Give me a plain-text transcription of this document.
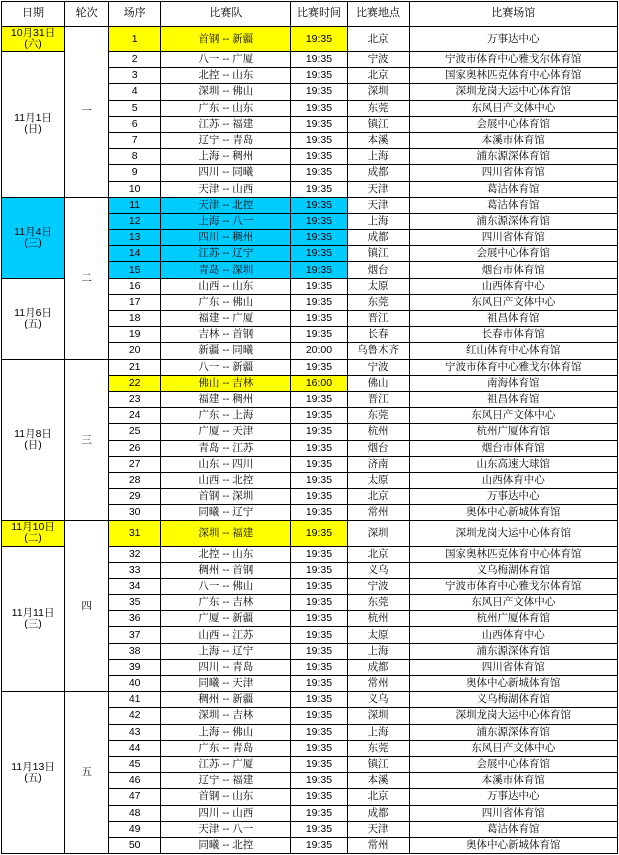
日期	轮次	场序	比赛队	比赛时间	比赛地点	比赛场馆
10月31日
(六)	一	1	首钢 -- 新疆	19:35	北京	万事达中心
11月1日
(日)		2	八一 -- 广厦	19:35	宁波	宁波市体育中心雅戈尔体育馆
		3	北控 -- 山东	19:35	北京	国家奥林匹克体育中心体育馆
		4	深圳 -- 佛山	19:35	深圳	深圳龙岗大运中心体育馆
		5	广东 -- 山东	19:35	东莞	东风日产文体中心
		6	江苏 -- 福建	19:35	镇江	会展中心体育馆
		7	辽宁 -- 青岛	19:35	本溪	本溪市体育馆
		8	上海 -- 稠州	19:35	上海	浦东源深体育馆
		9	四川 -- 同曦	19:35	成都	四川省体育馆
		10	天津 -- 山西	19:35	天津	葛沽体育馆
11月4日
(三)	二	11	天津 -- 北控	19:35	天津	葛沽体育馆
		12	上海 -- 八一	19:35	上海	浦东源深体育馆
		13	四川 -- 稠州	19:35	成都	四川省体育馆
		14	江苏 -- 辽宁	19:35	镇江	会展中心体育馆
		15	青岛 -- 深圳	19:35	烟台	烟台市体育馆
11月6日
(五)		16	山西 -- 山东	19:35	太原	山西体育中心
		17	广东 -- 佛山	19:35	东莞	东风日产文体中心
		18	福建 -- 广厦	19:35	晋江	祖昌体育馆
		19	吉林 -- 首钢	19:35	长春	长春市体育馆
		20	新疆 -- 同曦	20:00	乌鲁木齐	红山体育中心体育馆
11月8日
(日)	三	21	八一 -- 新疆	19:35	宁波	宁波市体育中心雅戈尔体育馆
		22	佛山 -- 吉林	16:00	佛山	南海体育馆
		23	福建 -- 稠州	19:35	晋江	祖昌体育馆
		24	广东 -- 上海	19:35	东莞	东风日产文体中心
		25	广厦 -- 天津	19:35	杭州	杭州广厦体育馆
		26	青岛 -- 江苏	19:35	烟台	烟台市体育馆
		27	山东 -- 四川	19:35	济南	山东高速大球馆
		28	山西 -- 北控	19:35	太原	山西体育中心
		29	首钢 -- 深圳	19:35	北京	万事达中心
		30	同曦 -- 辽宁	19:35	常州	奥体中心新城体育馆
11月10日
(二)	四	31	深圳 -- 福建	19:35	深圳	深圳龙岗大运中心体育馆
11月11日
(三)		32	北控 -- 山东	19:35	北京	国家奥林匹克体育中心体育馆
		33	稠州 -- 首钢	19:35	义乌	义乌梅湖体育馆
		34	八一 -- 佛山	19:35	宁波	宁波市体育中心雅戈尔体育馆
		35	广东 -- 吉林	19:35	东莞	东风日产文体中心
		36	广厦 -- 新疆	19:35	杭州	杭州广厦体育馆
		37	山西 -- 江苏	19:35	太原	山西体育中心
		38	上海 -- 辽宁	19:35	上海	浦东源深体育馆
		39	四川 -- 青岛	19:35	成都	四川省体育馆
		40	同曦 -- 天津	19:35	常州	奥体中心新城体育馆
11月13日
(五)	五	41	稠州 -- 新疆	19:35	义乌	义乌梅湖体育馆
		42	深圳 -- 吉林	19:35	深圳	深圳龙岗大运中心体育馆
		43	上海 -- 佛山	19:35	上海	浦东源深体育馆
		44	广东 -- 青岛	19:35	东莞	东风日产文体中心
		45	江苏 -- 广厦	19:35	镇江	会展中心体育馆
		46	辽宁 -- 福建	19:35	本溪	本溪市体育馆
		47	首钢 -- 山东	19:35	北京	万事达中心
		48	四川 -- 山西	19:35	成都	四川省体育馆
		49	天津 -- 八一	19:35	天津	葛沽体育馆
		50	同曦 -- 北控	19:35	常州	奥体中心新城体育馆
